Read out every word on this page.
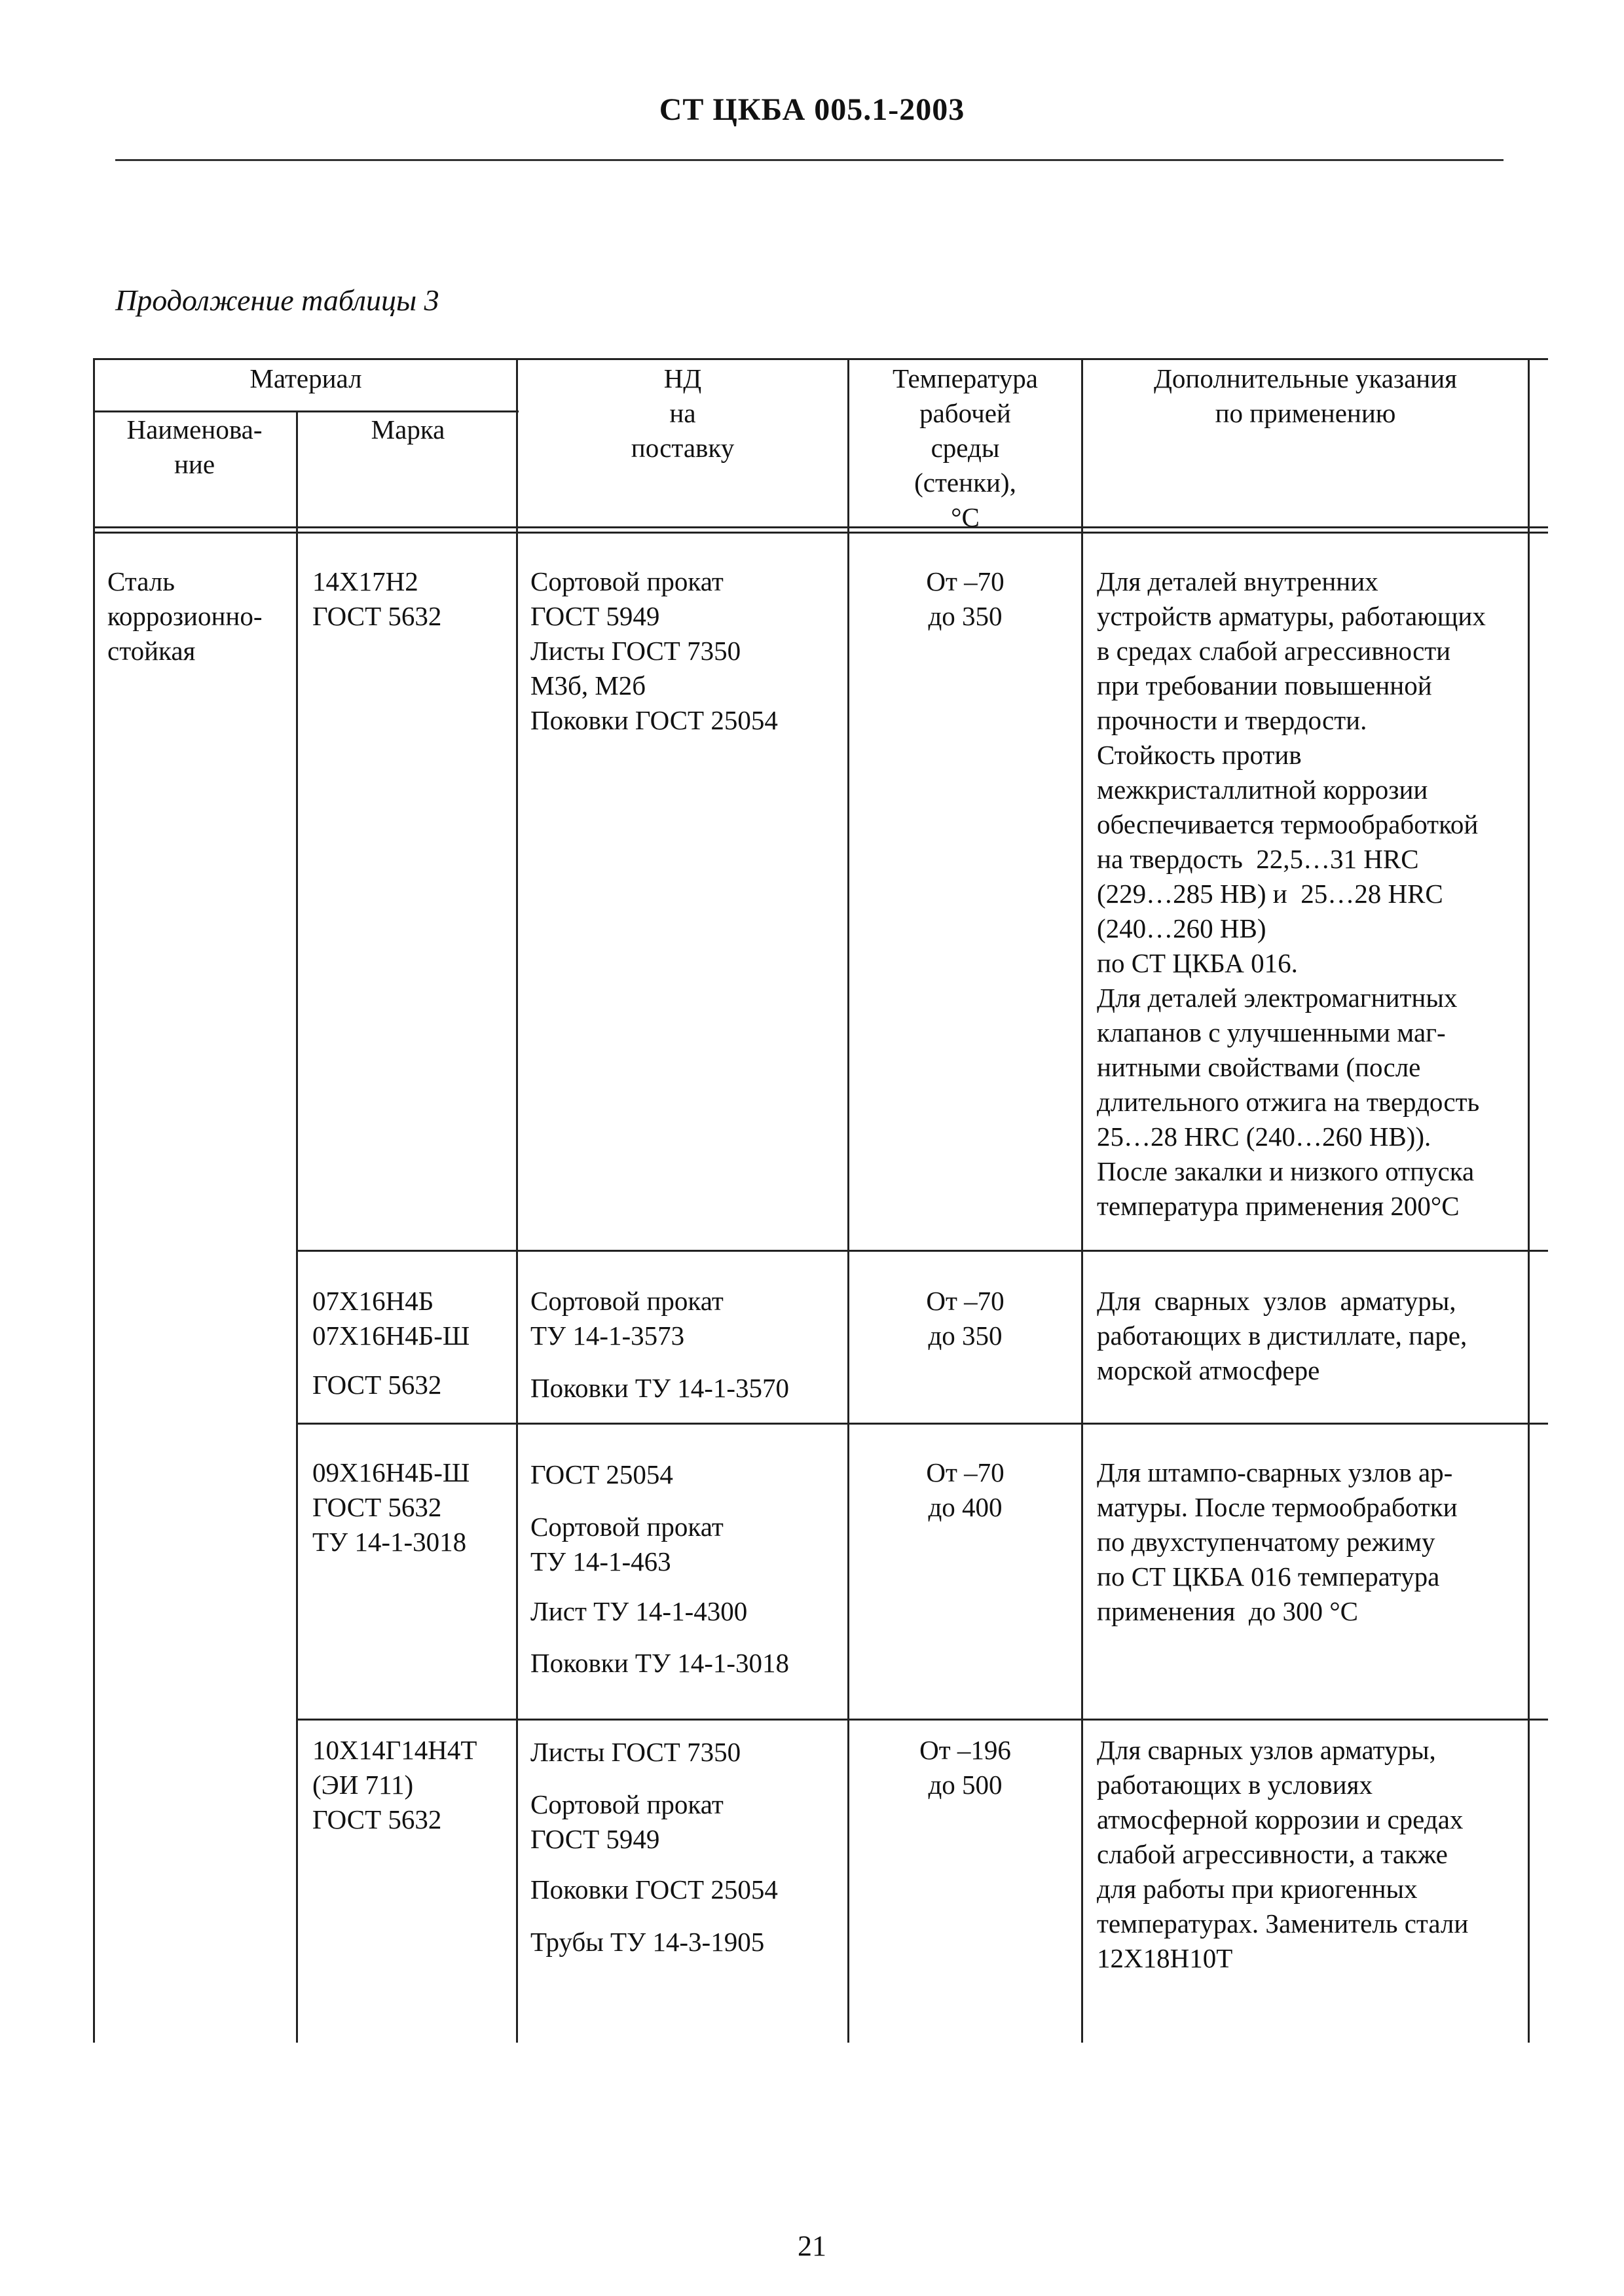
СТ ЦКБА 005.1-2003
Продолжение таблицы 3
Материал
Наименова-
ние
Марка
НД
на
поставку
Температура
рабочей
среды
(стенки),
°С
Дополнительные указания
по применению
Сталь
коррозионно-
стойкая
14Х17Н2
ГОСТ 5632
Сортовой прокат
ГОСТ 5949
Листы ГОСТ 7350
М3б, М2б
Поковки ГОСТ 25054
От –70
до 350
Для деталей внутренних
устройств арматуры, работающих
в средах слабой агрессивности
при требовании повышенной
прочности и твердости.
Стойкость против
межкристаллитной коррозии
обеспечивается термообработкой
на твердость  22,5…31 HRC
(229…285 НВ) и  25…28 HRC
(240…260 НВ)
по СТ ЦКБА 016.
Для деталей электромагнитных
клапанов с улучшенными маг-
нитными свойствами (после
длительного отжига на твердость
25…28 HRC (240…260 НВ)).
После закалки и низкого отпуска
температура применения 200°С
07Х16Н4Б
07Х16Н4Б-Ш
ГОСТ 5632
Сортовой прокат
ТУ 14-1-3573
Поковки ТУ 14-1-3570
От –70
до 350
Для  сварных  узлов  арматуры,
работающих в дистиллате, паре,
морской атмосфере
09Х16Н4Б-Ш
ГОСТ 5632
ТУ 14-1-3018
ГОСТ 25054
Сортовой прокат
ТУ 14-1-463
Лист ТУ 14-1-4300
Поковки ТУ 14-1-3018
От –70
до 400
Для штампо-сварных узлов ар-
матуры. После термообработки
по двухступенчатому режиму
по СТ ЦКБА 016 температура
применения  до 300 °С
10Х14Г14Н4Т
(ЭИ 711)
ГОСТ 5632
Листы ГОСТ 7350
Сортовой прокат
ГОСТ 5949
Поковки ГОСТ 25054
Трубы ТУ 14-3-1905
От –196
до 500
Для сварных узлов арматуры,
работающих в условиях
атмосферной коррозии и средах
слабой агрессивности, а также
для работы при криогенных
температурах. Заменитель стали
12Х18Н10Т
21
